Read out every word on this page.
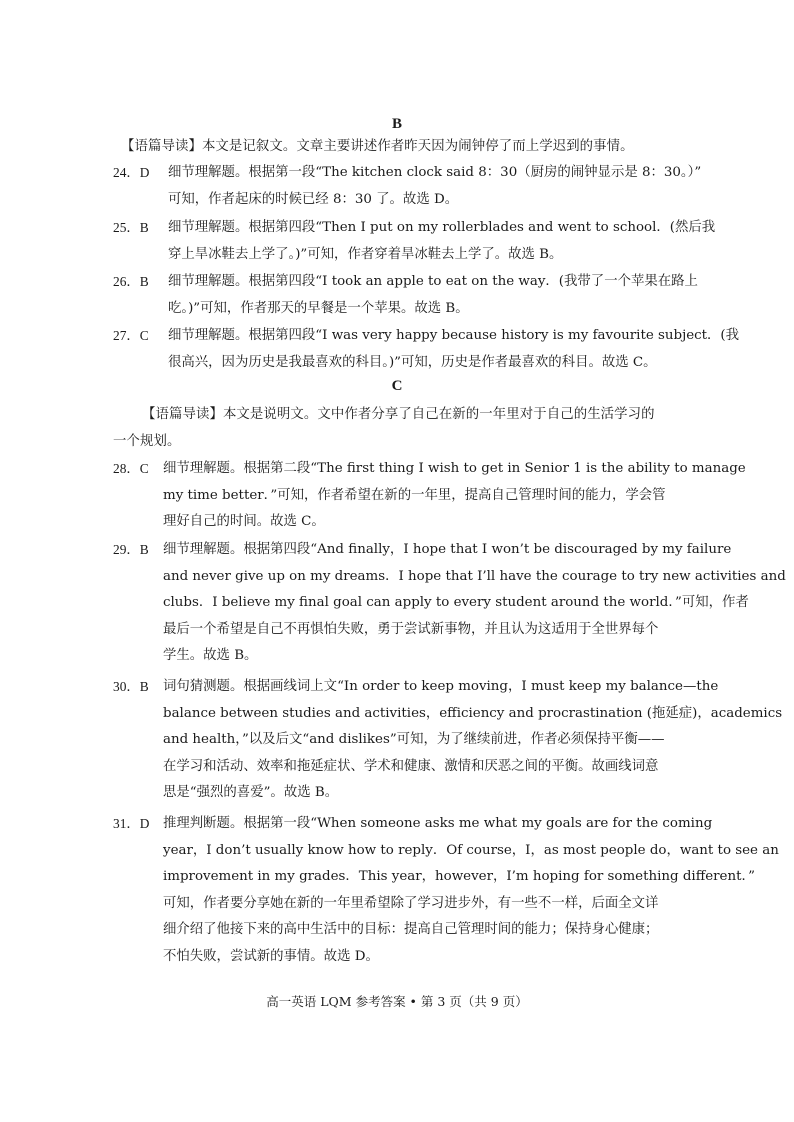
B
【语篇导读】本文是记叙文。文章主要讲述作者昨天因为闹钟停了而上学迟到的事情。
24．D	细节理解题。根据第一段“The kitchen clock said 8：30（厨房的闹钟显示是 8：30。）”
可知，作者起床的时候已经 8：30 了。故选 D。
25．B	细节理解题。根据第四段“Then I put on my rollerblades and went to school．(然后我
穿上旱冰鞋去上学了。)”可知，作者穿着旱冰鞋去上学了。故选 B。
26．B	细节理解题。根据第四段“I took an apple to eat on the way．(我带了一个苹果在路上
吃。)”可知，作者那天的早餐是一个苹果。故选 B。
27．C	细节理解题。根据第四段“I was very happy because history is my favourite subject．(我
很高兴，因为历史是我最喜欢的科目。)”可知，历史是作者最喜欢的科目。故选 C。
C
【语篇导读】本文是说明文。文中作者分享了自己在新的一年里对于自己的生活学习的
一个规划。
28．C	细节理解题。根据第二段“The first thing I wish to get in Senior 1 is the ability to manage
my time better．”可知，作者希望在新的一年里，提高自己管理时间的能力，学会管
理好自己的时间。故选 C。
29．B	细节理解题。根据第四段“And finally，I hope that I won’t be discouraged by my failure
and never give up on my dreams．I hope that I’ll have the courage to try new activities and
clubs．I believe my final goal can apply to every student around the world．”可知，作者
最后一个希望是自己不再惧怕失败，勇于尝试新事物，并且认为这适用于全世界每个
学生。故选 B。
30．B	词句猜测题。根据画线词上文“In order to keep moving，I must keep my balance—the
balance between studies and activities，efficiency and procrastination (拖延症)，academics
and health，”以及后文“and dislikes”可知，为了继续前进，作者必须保持平衡——
在学习和活动、效率和拖延症状、学术和健康、激情和厌恶之间的平衡。故画线词意
思是“强烈的喜爱”。故选 B。
31．D	推理判断题。根据第一段“When someone asks me what my goals are for the coming
year，I don’t usually know how to reply．Of course，I，as most people do，want to see an
improvement in my grades．This year，however，I’m hoping for something different．”
可知，作者要分享她在新的一年里希望除了学习进步外，有一些不一样，后面全文详
细介绍了他接下来的高中生活中的目标：提高自己管理时间的能力；保持身心健康；
不怕失败，尝试新的事情。故选 D。
高一英语 LQM 参考答案 • 第 3 页（共 9 页）
